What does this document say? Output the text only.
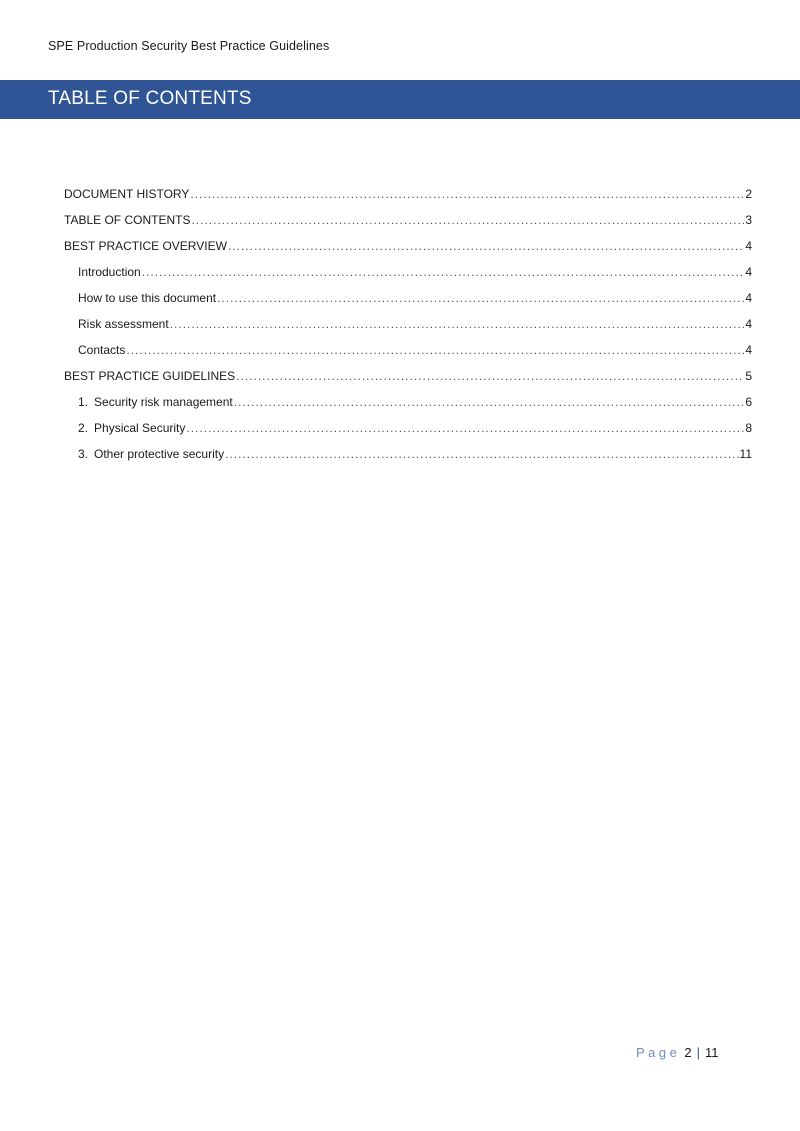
SPE Production Security Best Practice Guidelines
TABLE OF CONTENTS
DOCUMENT HISTORY .....	2
TABLE OF CONTENTS .....	3
BEST PRACTICE OVERVIEW .....	4
Introduction .....	4
How to use this document .....	4
Risk assessment .....	4
Contacts .....	4
BEST PRACTICE GUIDELINES .....	5
1. Security risk management .....	6
2. Physical Security .....	8
3. Other protective security .....	11
Page 2 | 11
